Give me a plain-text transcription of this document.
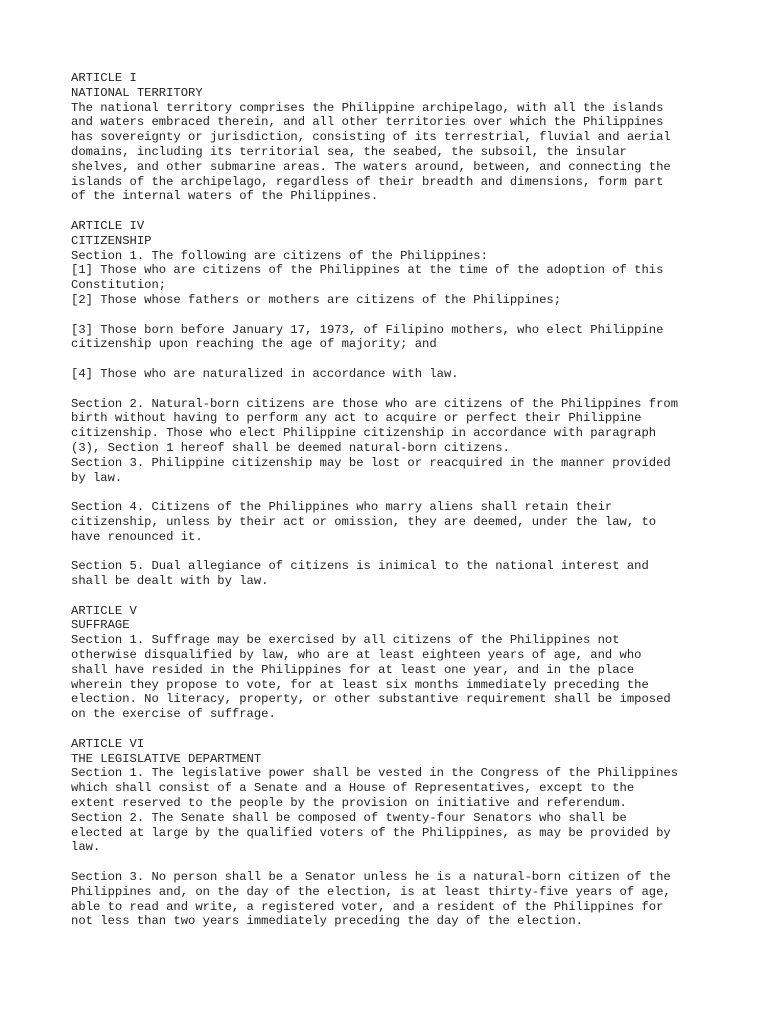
ARTICLE I
NATIONAL TERRITORY
The national territory comprises the Philippine archipelago, with all the islands
and waters embraced therein, and all other territories over which the Philippines
has sovereignty or jurisdiction, consisting of its terrestrial, fluvial and aerial
domains, including its territorial sea, the seabed, the subsoil, the insular
shelves, and other submarine areas. The waters around, between, and connecting the
islands of the archipelago, regardless of their breadth and dimensions, form part
of the internal waters of the Philippines.
ARTICLE IV
CITIZENSHIP
Section 1. The following are citizens of the Philippines:
[1] Those who are citizens of the Philippines at the time of the adoption of this
Constitution;
[2] Those whose fathers or mothers are citizens of the Philippines;
[3] Those born before January 17, 1973, of Filipino mothers, who elect Philippine
citizenship upon reaching the age of majority; and
[4] Those who are naturalized in accordance with law.
Section 2. Natural-born citizens are those who are citizens of the Philippines from
birth without having to perform any act to acquire or perfect their Philippine
citizenship. Those who elect Philippine citizenship in accordance with paragraph
(3), Section 1 hereof shall be deemed natural-born citizens.
Section 3. Philippine citizenship may be lost or reacquired in the manner provided
by law.
Section 4. Citizens of the Philippines who marry aliens shall retain their
citizenship, unless by their act or omission, they are deemed, under the law, to
have renounced it.
Section 5. Dual allegiance of citizens is inimical to the national interest and
shall be dealt with by law.
ARTICLE V
SUFFRAGE
Section 1. Suffrage may be exercised by all citizens of the Philippines not
otherwise disqualified by law, who are at least eighteen years of age, and who
shall have resided in the Philippines for at least one year, and in the place
wherein they propose to vote, for at least six months immediately preceding the
election. No literacy, property, or other substantive requirement shall be imposed
on the exercise of suffrage.
ARTICLE VI
THE LEGISLATIVE DEPARTMENT
Section 1. The legislative power shall be vested in the Congress of the Philippines
which shall consist of a Senate and a House of Representatives, except to the
extent reserved to the people by the provision on initiative and referendum.
Section 2. The Senate shall be composed of twenty-four Senators who shall be
elected at large by the qualified voters of the Philippines, as may be provided by
law.
Section 3. No person shall be a Senator unless he is a natural-born citizen of the
Philippines and, on the day of the election, is at least thirty-five years of age,
able to read and write, a registered voter, and a resident of the Philippines for
not less than two years immediately preceding the day of the election.
